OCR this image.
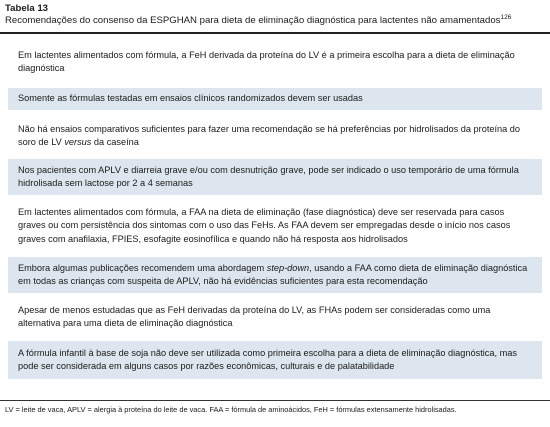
Tabela 13
Recomendações do consenso da ESPGHAN para dieta de eliminação diagnóstica para lactentes não amamentados$^{126}$
Em lactentes alimentados com fórmula, a FeH derivada da proteína do LV é a primeira escolha para a dieta de eliminação diagnóstica
Somente as fórmulas testadas em ensaios clínicos randomizados devem ser usadas
Não há ensaios comparativos suficientes para fazer uma recomendação se há preferências por hidrolisados da proteína do soro de LV versus da caseína
Nos pacientes com APLV e diarreia grave e/ou com desnutrição grave, pode ser indicado o uso temporário de uma fórmula hidrolisada sem lactose por 2 a 4 semanas
Em lactentes alimentados com fórmula, a FAA na dieta de eliminação (fase diagnóstica) deve ser reservada para casos graves ou com persistência dos sintomas com o uso das FeHs. As FAA devem ser empregadas desde o início nos casos graves com anafilaxia, FPIES, esofagite eosinofílica e quando não há resposta aos hidrolisados
Embora algumas publicações recomendem uma abordagem step-down, usando a FAA como dieta de eliminação diagnóstica em todas as crianças com suspeita de APLV, não há evidências suficientes para esta recomendação
Apesar de menos estudadas que as FeH derivadas da proteína do LV, as FHAs podem ser consideradas como uma alternativa para uma dieta de eliminação diagnóstica
A fórmula infantil à base de soja não deve ser utilizada como primeira escolha para a dieta de eliminação diagnóstica, mas pode ser considerada em alguns casos por razões econômicas, culturais e de palatabilidade
LV = leite de vaca, APLV = alergia à proteína do leite de vaca. FAA = fórmula de aminoácidos, FeH = fórmulas extensamente hidrolisadas.
